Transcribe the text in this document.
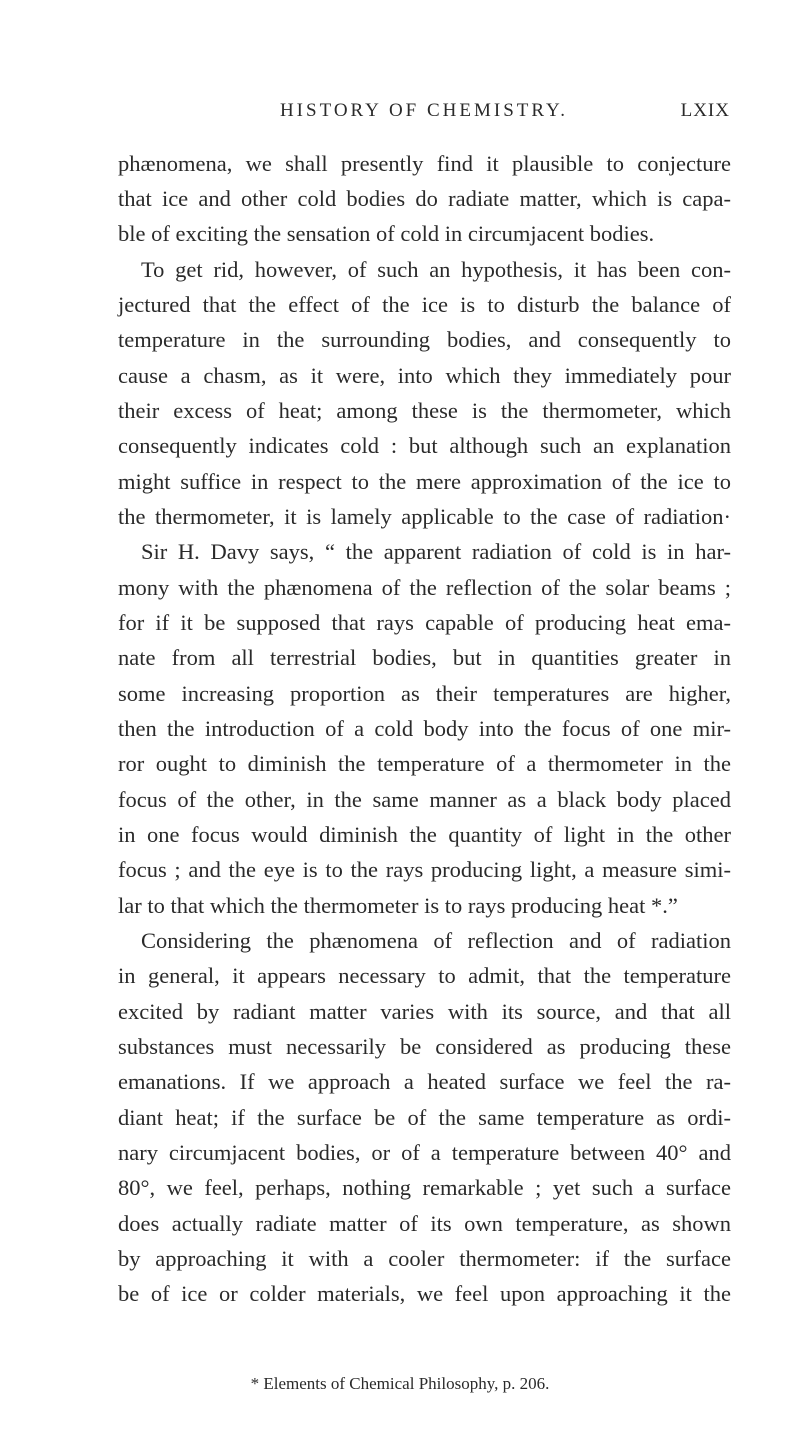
HISTORY OF CHEMISTRY.	LXIX
phænomena, we shall presently find it plausible to conjecture
that ice and other cold bodies do radiate matter, which is capa-
ble of exciting the sensation of cold in circumjacent bodies.
To get rid, however, of such an hypothesis, it has been con-
jectured that the effect of the ice is to disturb the balance of
temperature in the surrounding bodies, and consequently to
cause a chasm, as it were, into which they immediately pour
their excess of heat; among these is the thermometer, which
consequently indicates cold : but although such an explanation
might suffice in respect to the mere approximation of the ice to
the thermometer, it is lamely applicable to the case of radiation·
Sir H. Davy says, “ the apparent radiation of cold is in har-
mony with the phænomena of the reflection of the solar beams ;
for if it be supposed that rays capable of producing heat ema-
nate from all terrestrial bodies, but in quantities greater in
some increasing proportion as their temperatures are higher,
then the introduction of a cold body into the focus of one mir-
ror ought to diminish the temperature of a thermometer in the
focus of the other, in the same manner as a black body placed
in one focus would diminish the quantity of light in the other
focus ; and the eye is to the rays producing light, a measure simi-
lar to that which the thermometer is to rays producing heat *.”
Considering the phænomena of reflection and of radiation
in general, it appears necessary to admit, that the temperature
excited by radiant matter varies with its source, and that all
substances must necessarily be considered as producing these
emanations. If we approach a heated surface we feel the ra-
diant heat; if the surface be of the same temperature as ordi-
nary circumjacent bodies, or of a temperature between 40° and
80°, we feel, perhaps, nothing remarkable ; yet such a surface
does actually radiate matter of its own temperature, as shown
by approaching it with a cooler thermometer: if the surface
be of ice or colder materials, we feel upon approaching it the
* Elements of Chemical Philosophy, p. 206.
